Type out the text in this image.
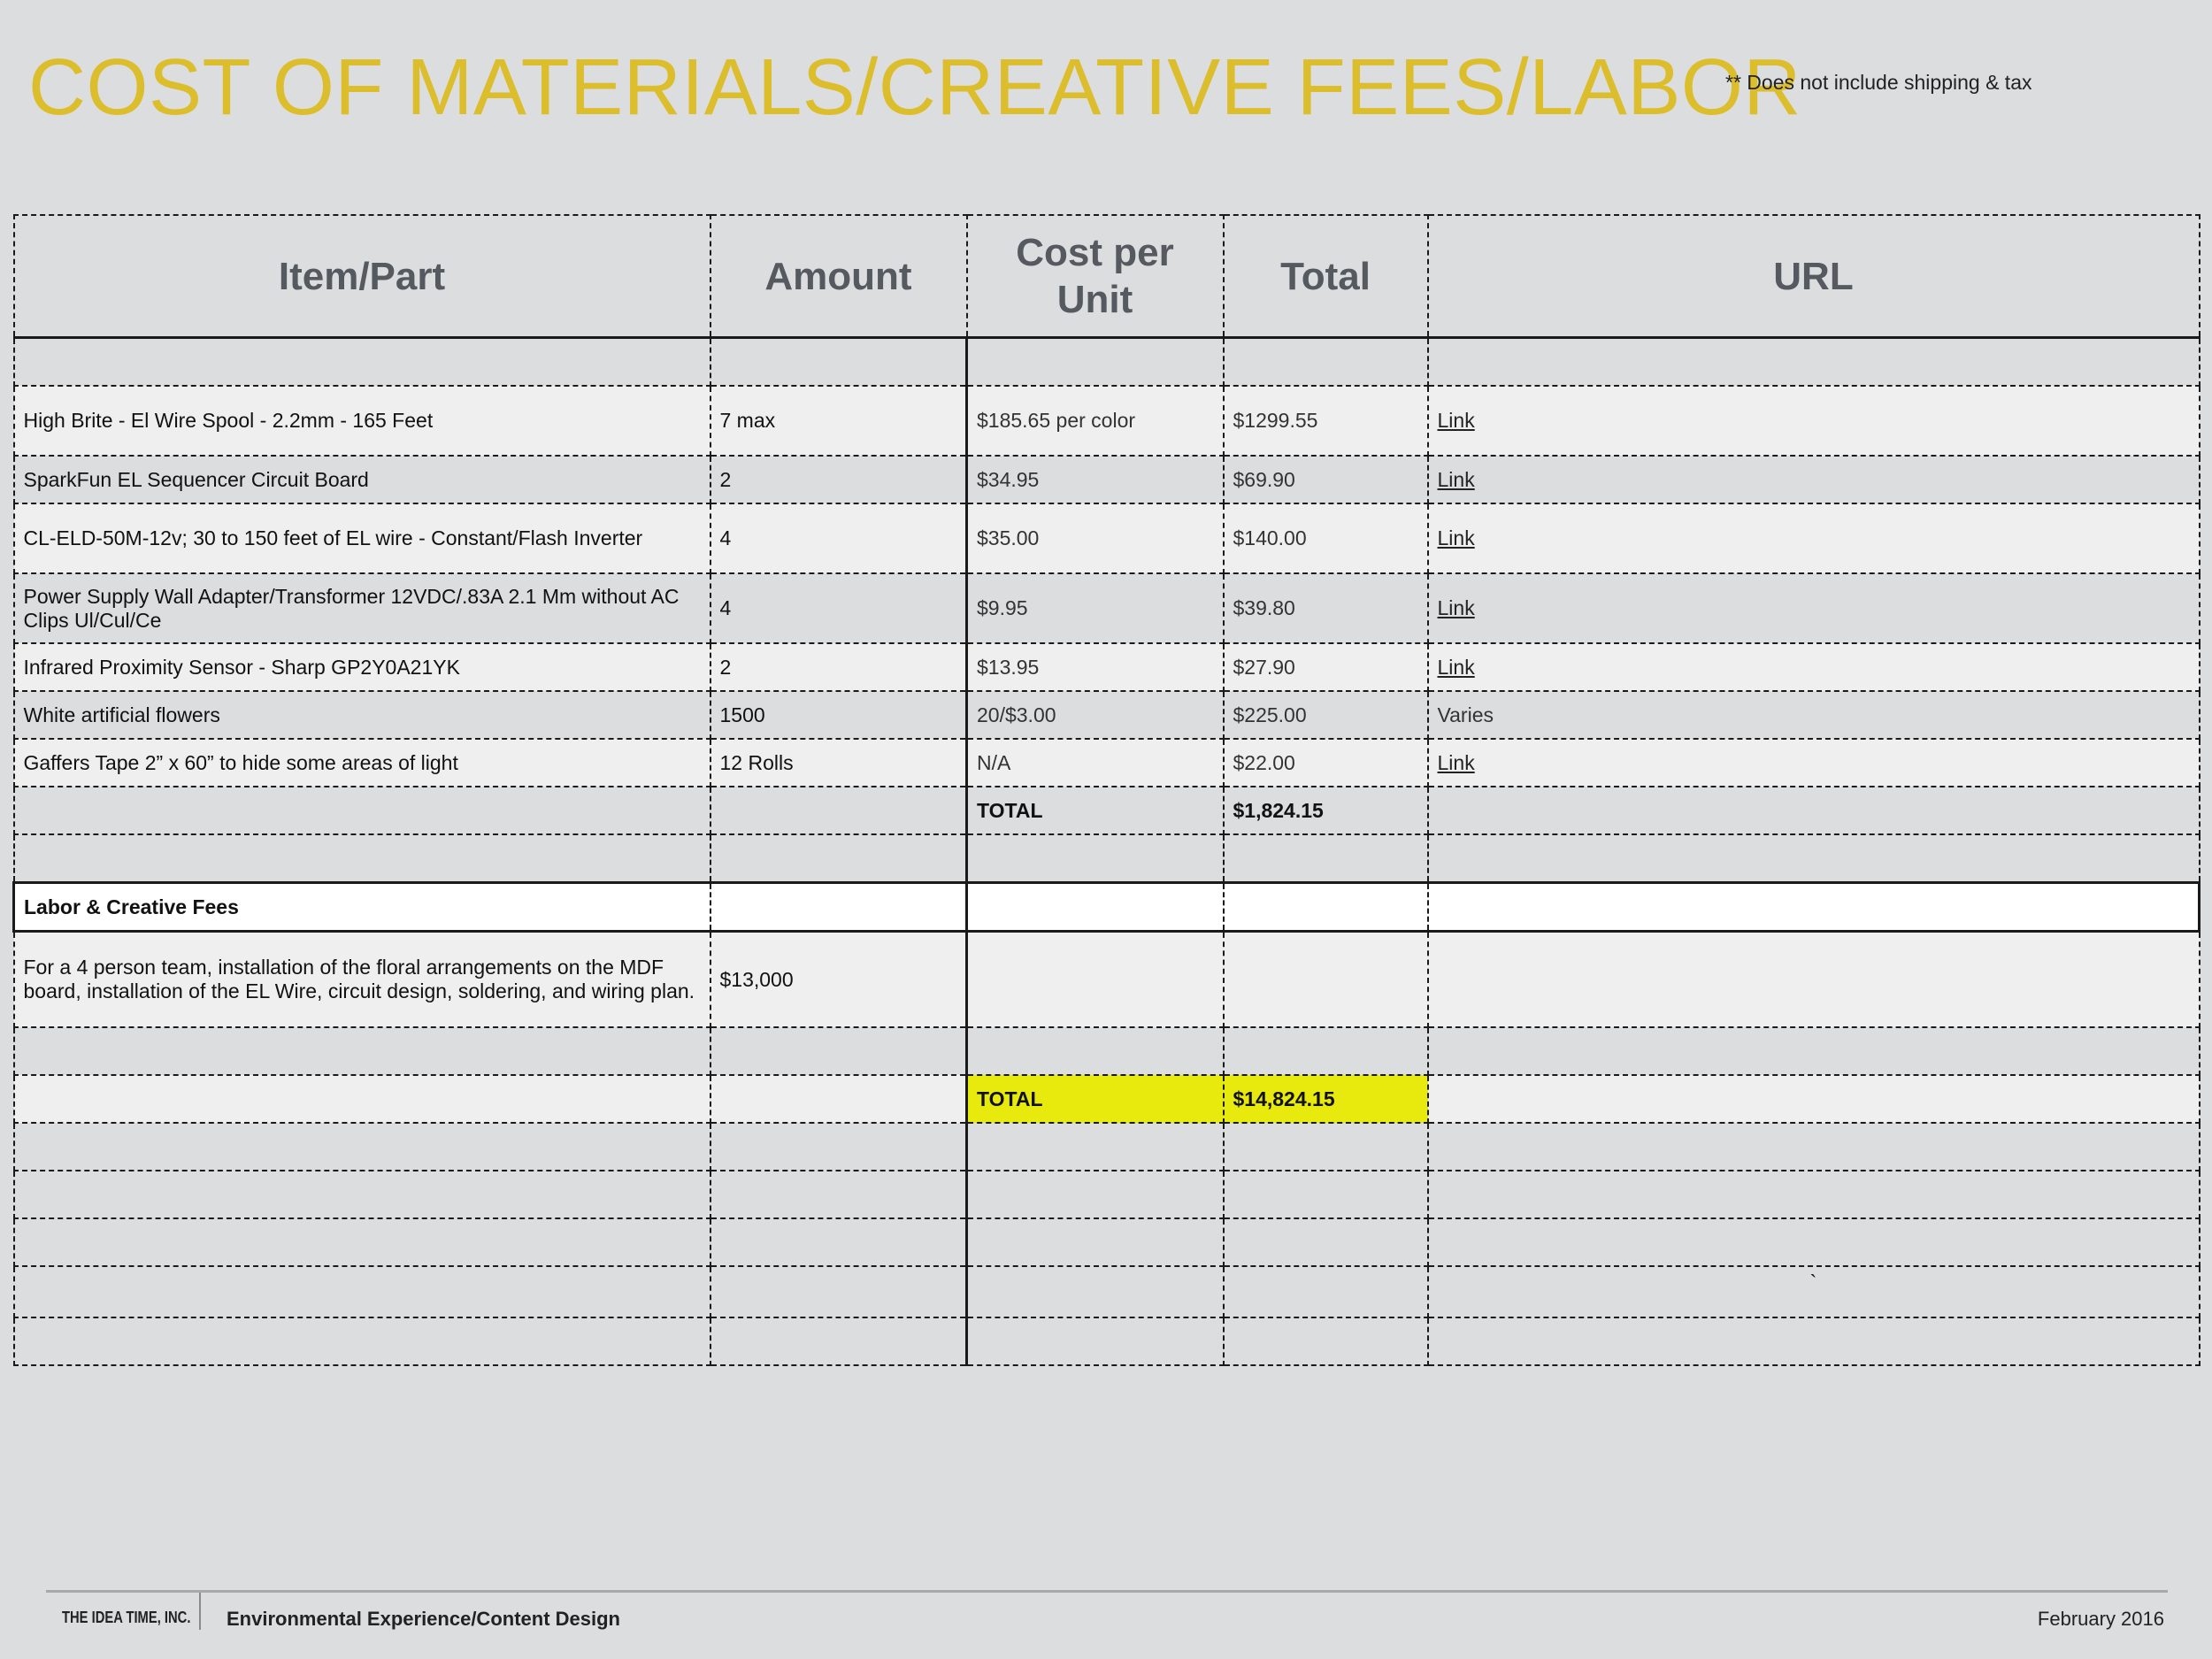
COST OF MATERIALS/CREATIVE FEES/LABOR
** Does not include shipping & tax
Item/Part	Amount	Cost per Unit	Total	URL

High Brite - El Wire Spool - 2.2mm - 165 Feet	7 max	$185.65 per color	$1299.55	Link
SparkFun EL Sequencer Circuit Board	2	$34.95	$69.90	Link
CL-ELD-50M-12v; 30 to 150 feet of EL wire - Constant/Flash Inverter	4	$35.00	$140.00	Link
Power Supply Wall Adapter/Transformer 12VDC/.83A 2.1 Mm without AC Clips Ul/Cul/Ce	4	$9.95	$39.80	Link
Infrared Proximity Sensor - Sharp GP2Y0A21YK	2	$13.95	$27.90	Link
White artificial flowers	1500	20/$3.00	$225.00	Varies
Gaffers Tape 2” x 60” to hide some areas of light	12 Rolls	N/A	$22.00	Link
		TOTAL	$1,824.15	

Labor & Creative Fees				
For a 4 person team, installation of the floral arrangements on the MDF board, installation of the EL Wire, circuit design, soldering, and wiring plan.	$13,000			

		TOTAL	$14,824.15	

				`

THE IDEA TIME, INC. Environmental Experience/Content Design	February 2016
